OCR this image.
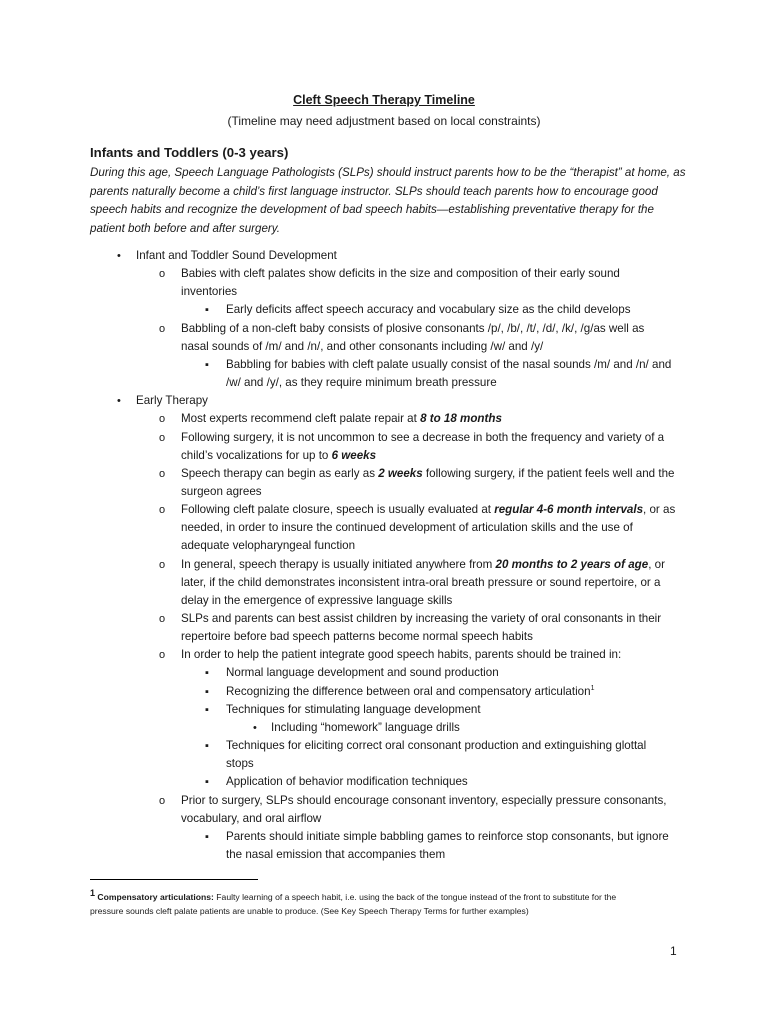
Cleft Speech Therapy Timeline
(Timeline may need adjustment based on local constraints)
Infants and Toddlers (0-3 years)
During this age, Speech Language Pathologists (SLPs) should instruct parents how to be the “therapist” at home, as
parents naturally become a child’s first language instructor. SLPs should teach parents how to encourage good
speech habits and recognize the development of bad speech habits—establishing preventative therapy for the
patient both before and after surgery.
• Infant and Toddler Sound Development
o Babies with cleft palates show deficits in the size and composition of their early sound
inventories
▪ Early deficits affect speech accuracy and vocabulary size as the child develops
o Babbling of a non-cleft baby consists of plosive consonants /p/, /b/, /t/, /d/, /k/, /g/as well as
nasal sounds of /m/ and /n/, and other consonants including /w/ and /y/
▪ Babbling for babies with cleft palate usually consist of the nasal sounds /m/ and /n/ and
/w/ and /y/, as they require minimum breath pressure
• Early Therapy
o Most experts recommend cleft palate repair at 8 to 18 months
o Following surgery, it is not uncommon to see a decrease in both the frequency and variety of a
child’s vocalizations for up to 6 weeks
o Speech therapy can begin as early as 2 weeks following surgery, if the patient feels well and the
surgeon agrees
o Following cleft palate closure, speech is usually evaluated at regular 4-6 month intervals, or as
needed, in order to insure the continued development of articulation skills and the use of
adequate velopharyngeal function
o In general, speech therapy is usually initiated anywhere from 20 months to 2 years of age, or
later, if the child demonstrates inconsistent intra-oral breath pressure or sound repertoire, or a
delay in the emergence of expressive language skills
o SLPs and parents can best assist children by increasing the variety of oral consonants in their
repertoire before bad speech patterns become normal speech habits
o In order to help the patient integrate good speech habits, parents should be trained in:
▪ Normal language development and sound production
▪ Recognizing the difference between oral and compensatory articulation$^1$
▪ Techniques for stimulating language development
• Including “homework” language drills
▪ Techniques for eliciting correct oral consonant production and extinguishing glottal
stops
▪ Application of behavior modification techniques
o Prior to surgery, SLPs should encourage consonant inventory, especially pressure consonants,
vocabulary, and oral airflow
▪ Parents should initiate simple babbling games to reinforce stop consonants, but ignore
the nasal emission that accompanies them
1 Compensatory articulations: Faulty learning of a speech habit, i.e. using the back of the tongue instead of the front to substitute for the
pressure sounds cleft palate patients are unable to produce. (See Key Speech Therapy Terms for further examples)
1
